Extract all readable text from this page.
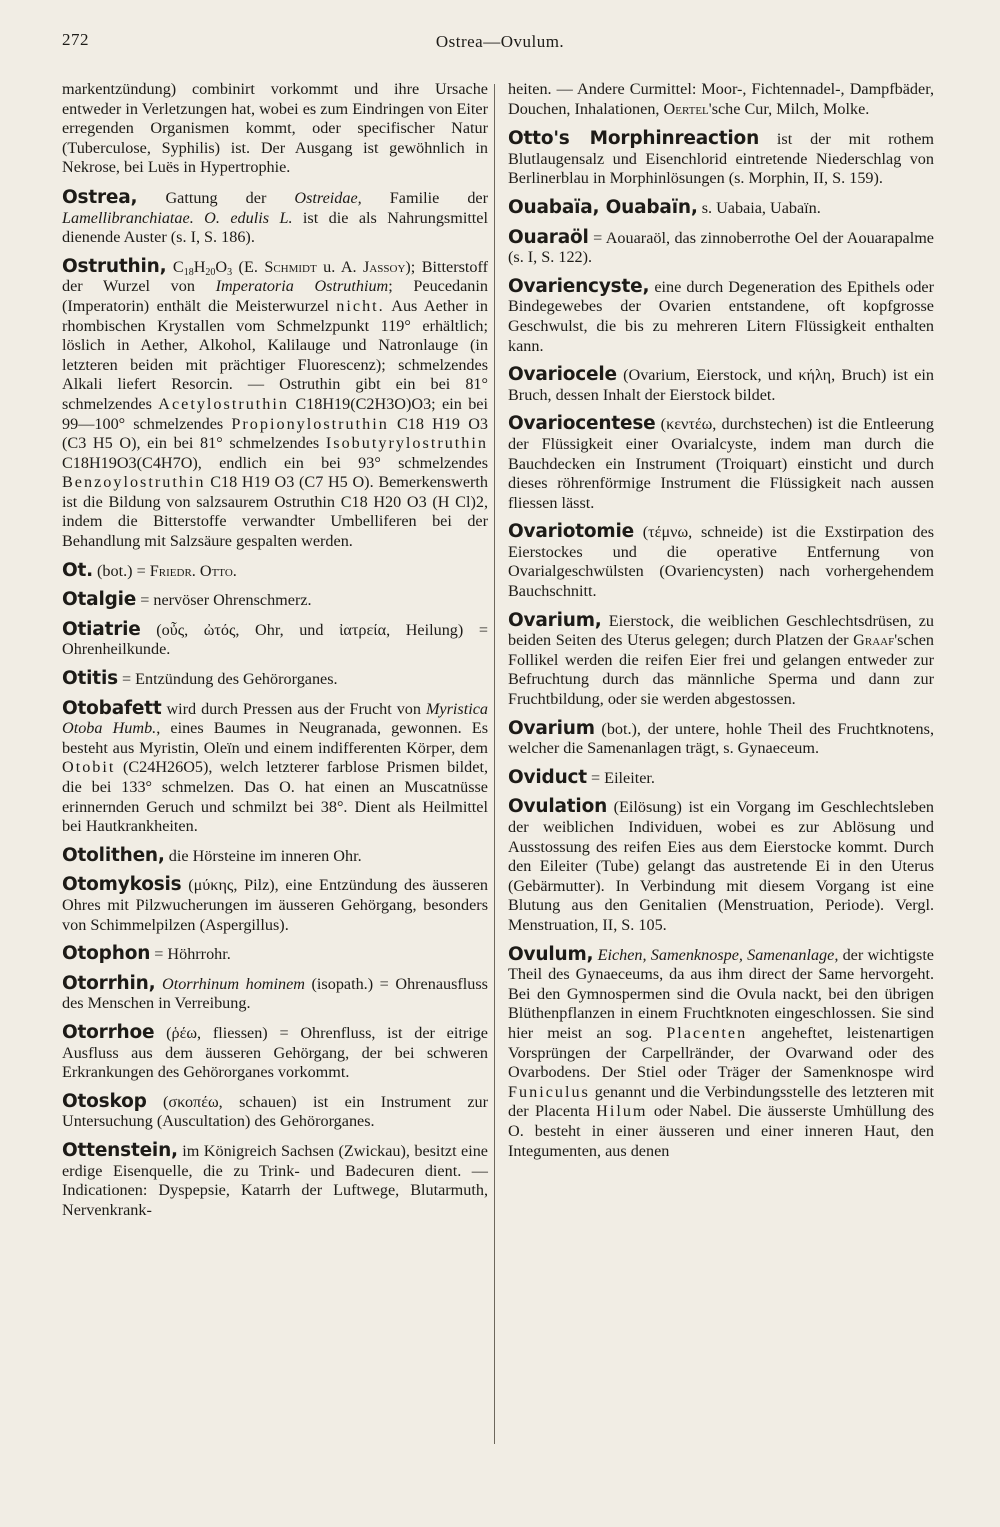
272	Ostrea—Ovulum.

markentzündung) combinirt vorkommt und ihre Ursache entweder in Verletzungen hat, wobei es zum Eindringen von Eiter erregenden Organismen kommt, oder specifischer Natur (Tuberculose, Syphilis) ist. Der Ausgang ist gewöhnlich in Nekrose, bei Luës in Hypertrophie.

Ostrea, Gattung der Ostreidae, Familie der Lamellibranchiatae. O. edulis L. ist die als Nahrungsmittel dienende Auster (s. I, S. 186).

Ostruthin, $C_{18}H_{20}O_3$ (E. Schmidt u. A. Jassoy); Bitterstoff der Wurzel von Imperatoria Ostruthium; Peucedanin (Imperatorin) enthält die Meisterwurzel nicht. Aus Aether in rhombischen Krystallen vom Schmelzpunkt 119° erhältlich; löslich in Aether, Alkohol, Kalilauge und Natronlauge (in letzteren beiden mit prächtiger Fluorescenz); schmelzendes Alkali liefert Resorcin. — Ostruthin gibt ein bei 81° schmelzendes Acetylostruthin C18H19(C2H3O)O3; ein bei 99—100° schmelzendes Propionylostruthin C18 H19 O3 (C3 H5 O), ein bei 81° schmelzendes Isobutyrylostruthin C18H19O3(C4H7O), endlich ein bei 93° schmelzendes Benzoylostruthin C18 H19 O3 (C7 H5 O). Bemerkenswerth ist die Bildung von salzsaurem Ostruthin C18 H20 O3 (H Cl)2, indem die Bitterstoffe verwandter Umbelliferen bei der Behandlung mit Salzsäure gespalten werden.

Ot. (bot.) = Friedr. Otto.

Otalgie = nervöser Ohrenschmerz.

Otiatrie (οὖς, ὠτός, Ohr, und ἰατρεία, Heilung) = Ohrenheilkunde.

Otitis = Entzündung des Gehörorganes.

Otobafett wird durch Pressen aus der Frucht von Myristica Otoba Humb., eines Baumes in Neugranada, gewonnen. Es besteht aus Myristin, Oleïn und einem indifferenten Körper, dem Otobit (C24H26O5), welch letzterer farblose Prismen bildet, die bei 133° schmelzen. Das O. hat einen an Muscatnüsse erinnernden Geruch und schmilzt bei 38°. Dient als Heilmittel bei Hautkrankheiten.

Otolithen, die Hörsteine im inneren Ohr.

Otomykosis (μύκης, Pilz), eine Entzündung des äusseren Ohres mit Pilzwucherungen im äusseren Gehörgang, besonders von Schimmelpilzen (Aspergillus).

Otophon = Höhrrohr.

Otorrhin, Otorrhinum hominem (isopath.) = Ohrenausfluss des Menschen in Verreibung.

Otorrhoe (ῥέω, fliessen) = Ohrenfluss, ist der eitrige Ausfluss aus dem äusseren Gehörgang, der bei schweren Erkrankungen des Gehörorganes vorkommt.

Otoskop (σκοπέω, schauen) ist ein Instrument zur Untersuchung (Auscultation) des Gehörorganes.

Ottenstein, im Königreich Sachsen (Zwickau), besitzt eine erdige Eisenquelle, die zu Trink- und Badecuren dient. — Indicationen: Dyspepsie, Katarrh der Luftwege, Blutarmuth, Nervenkrank-

heiten. — Andere Curmittel: Moor-, Fichtennadel-, Dampfbäder, Douchen, Inhalationen, Oertel'sche Cur, Milch, Molke.

Otto's Morphinreaction ist der mit rothem Blutlaugensalz und Eisenchlorid eintretende Niederschlag von Berlinerblau in Morphinlösungen (s. Morphin, II, S. 159).

Ouabaïa, Ouabaïn, s. Uabaia, Uabaïn.

Ouaraöl = Aouaraöl, das zinnoberrothe Oel der Aouarapalme (s. I, S. 122).

Ovariencyste, eine durch Degeneration des Epithels oder Bindegewebes der Ovarien entstandene, oft kopfgrosse Geschwulst, die bis zu mehreren Litern Flüssigkeit enthalten kann.

Ovariocele (Ovarium, Eierstock, und κήλη, Bruch) ist ein Bruch, dessen Inhalt der Eierstock bildet.

Ovariocentese (κεντέω, durchstechen) ist die Entleerung der Flüssigkeit einer Ovarialcyste, indem man durch die Bauchdecken ein Instrument (Troiquart) einsticht und durch dieses röhrenförmige Instrument die Flüssigkeit nach aussen fliessen lässt.

Ovariotomie (τέμνω, schneide) ist die Exstirpation des Eierstockes und die operative Entfernung von Ovarialgeschwülsten (Ovariencysten) nach vorhergehendem Bauchschnitt.

Ovarium, Eierstock, die weiblichen Geschlechtsdrüsen, zu beiden Seiten des Uterus gelegen; durch Platzen der Graaf'schen Follikel werden die reifen Eier frei und gelangen entweder zur Befruchtung durch das männliche Sperma und dann zur Fruchtbildung, oder sie werden abgestossen.

Ovarium (bot.), der untere, hohle Theil des Fruchtknotens, welcher die Samenanlagen trägt, s. Gynaeceum.

Oviduct = Eileiter.

Ovulation (Eilösung) ist ein Vorgang im Geschlechtsleben der weiblichen Individuen, wobei es zur Ablösung und Ausstossung des reifen Eies aus dem Eierstocke kommt. Durch den Eileiter (Tube) gelangt das austretende Ei in den Uterus (Gebärmutter). In Verbindung mit diesem Vorgang ist eine Blutung aus den Genitalien (Menstruation, Periode). Vergl. Menstruation, II, S. 105.

Ovulum, Eichen, Samenknospe, Samenanlage, der wichtigste Theil des Gynaeceums, da aus ihm direct der Same hervorgeht. Bei den Gymnospermen sind die Ovula nackt, bei den übrigen Blüthenpflanzen in einem Fruchtknoten eingeschlossen. Sie sind hier meist an sog. Placenten angeheftet, leistenartigen Vorsprüngen der Carpellränder, der Ovarwand oder des Ovarbodens. Der Stiel oder Träger der Samenknospe wird Funiculus genannt und die Verbindungsstelle des letzteren mit der Placenta Hilum oder Nabel. Die äusserste Umhüllung des O. besteht in einer äusseren und einer inneren Haut, den Integumenten, aus denen
